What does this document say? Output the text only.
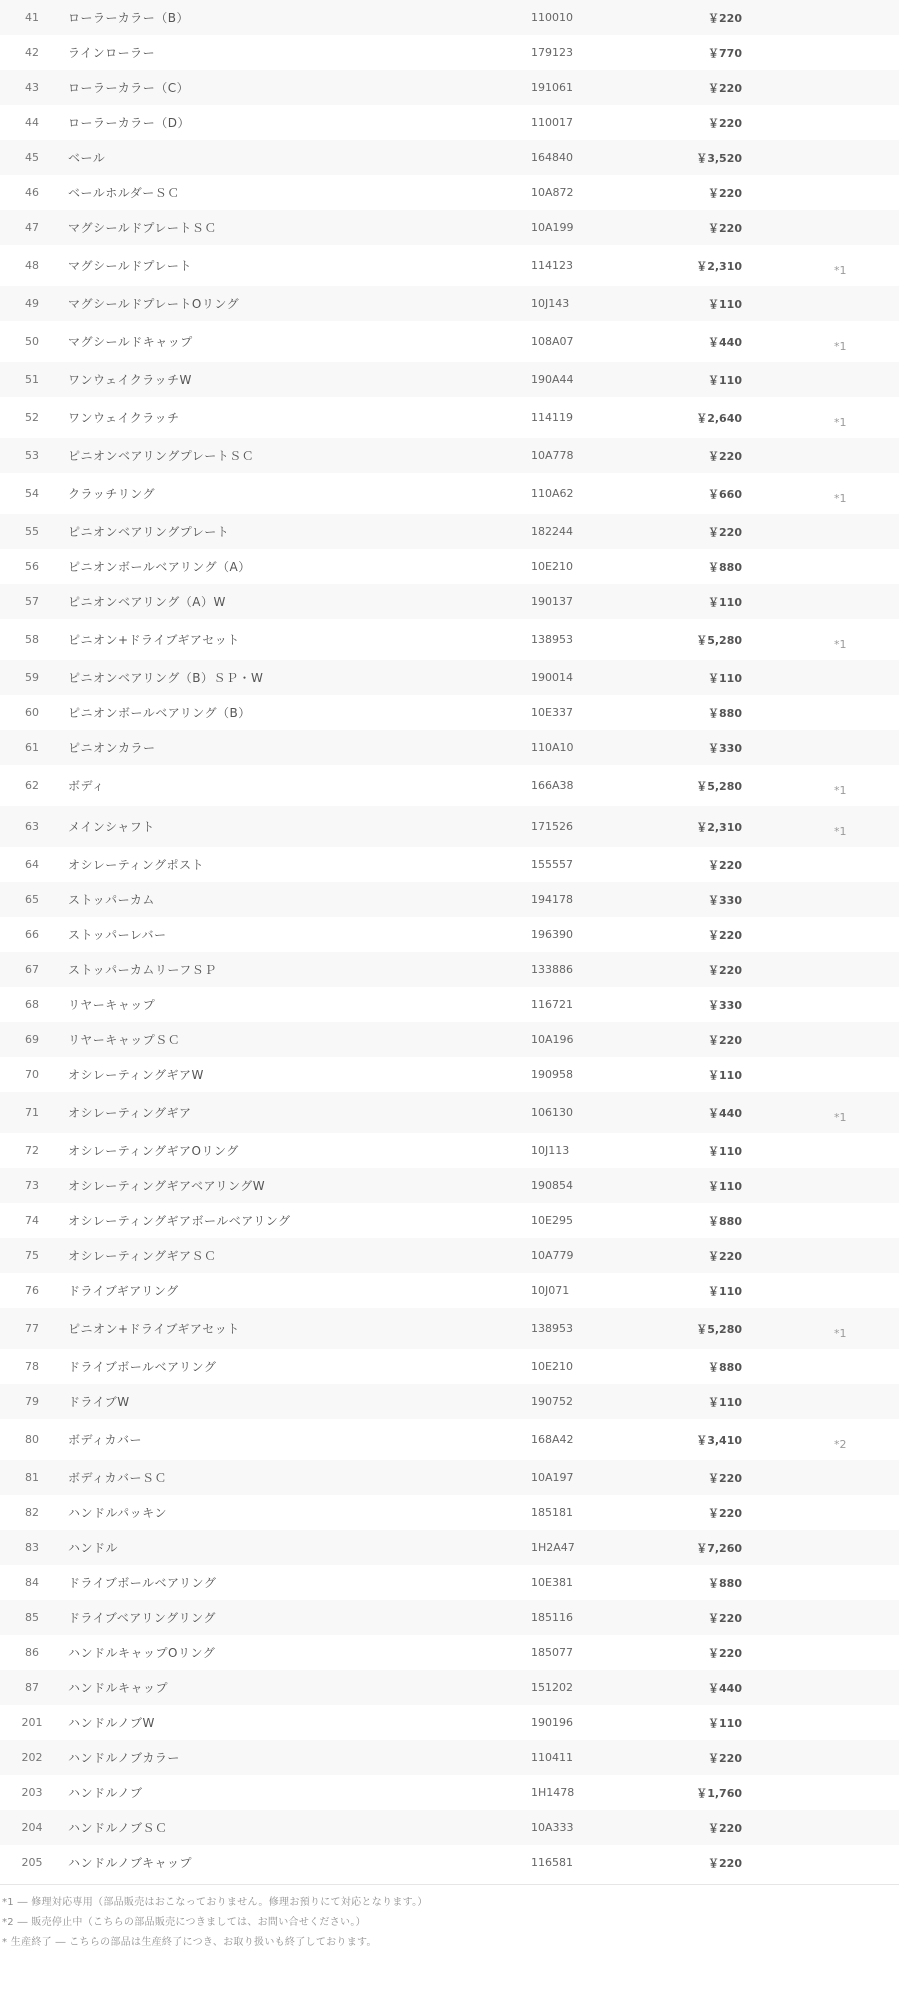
41	ローラーカラー（B）	110010	￥220
42	ラインローラー	179123	￥770
43	ローラーカラー（C）	191061	￥220
44	ローラーカラー（D）	110017	￥220
45	ベール	164840	￥3,520
46	ベールホルダーＳＣ	10A872	￥220
47	マグシールドプレートＳＣ	10A199	￥220
48	マグシールドプレート	114123	￥2,310	*1
49	マグシールドプレートOリング	10J143	￥110
50	マグシールドキャップ	108A07	￥440	*1
51	ワンウェイクラッチW	190A44	￥110
52	ワンウェイクラッチ	114119	￥2,640	*1
53	ピニオンベアリングプレートＳＣ	10A778	￥220
54	クラッチリング	110A62	￥660	*1
55	ピニオンベアリングプレート	182244	￥220
56	ピニオンボールベアリング（A）	10E210	￥880
57	ピニオンベアリング（A）W	190137	￥110
58	ピニオン+ドライブギアセット	138953	￥5,280	*1
59	ピニオンベアリング（B）ＳＰ・W	190014	￥110
60	ピニオンボールベアリング（B）	10E337	￥880
61	ピニオンカラー	110A10	￥330
62	ボディ	166A38	￥5,280	*1
63	メインシャフト	171526	￥2,310	*1
64	オシレーティングポスト	155557	￥220
65	ストッパーカム	194178	￥330
66	ストッパーレバー	196390	￥220
67	ストッパーカムリーフＳＰ	133886	￥220
68	リヤーキャップ	116721	￥330
69	リヤーキャップＳＣ	10A196	￥220
70	オシレーティングギアW	190958	￥110
71	オシレーティングギア	106130	￥440	*1
72	オシレーティングギアOリング	10J113	￥110
73	オシレーティングギアベアリングW	190854	￥110
74	オシレーティングギアボールベアリング	10E295	￥880
75	オシレーティングギアＳＣ	10A779	￥220
76	ドライブギアリング	10J071	￥110
77	ピニオン+ドライブギアセット	138953	￥5,280	*1
78	ドライブボールベアリング	10E210	￥880
79	ドライブW	190752	￥110
80	ボディカバー	168A42	￥3,410	*2
81	ボディカバーＳＣ	10A197	￥220
82	ハンドルパッキン	185181	￥220
83	ハンドル	1H2A47	￥7,260
84	ドライブボールベアリング	10E381	￥880
85	ドライブベアリングリング	185116	￥220
86	ハンドルキャップOリング	185077	￥220
87	ハンドルキャップ	151202	￥440
201	ハンドルノブW	190196	￥110
202	ハンドルノブカラー	110411	￥220
203	ハンドルノブ	1H1478	￥1,760
204	ハンドルノブＳＣ	10A333	￥220
205	ハンドルノブキャップ	116581	￥220
*1 ― 修理対応専用（部品販売はおこなっておりません。修理お預りにて対応となります。）
*2 ― 販売停止中（こちらの部品販売につきましては、お問い合せください。）
* 生産終了 ― こちらの部品は生産終了につき、お取り扱いも終了しております。
